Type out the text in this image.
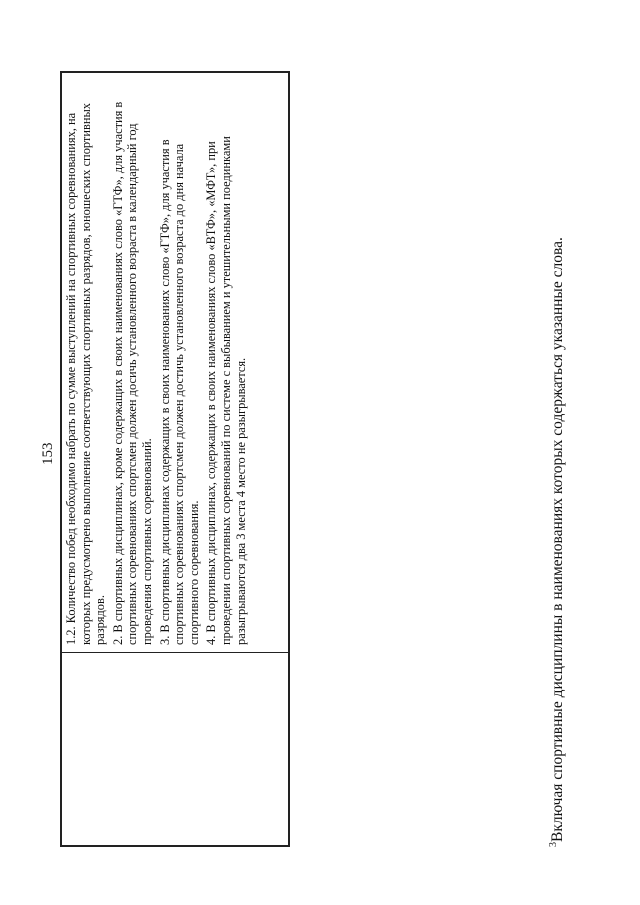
153 1.2. Количество побед необходимо набрать по сумме выступлений на спортивных соревнованиях, на которых предусмотрено выполнение соответствующих спортивных разрядов, юношеских спортивных разрядов. 2. В спортивных дисциплинах, кроме содержащих в своих наименованиях слово «ГТФ», для участия в спортивных соревнованиях спортсмен должен досичь установленного возраста в календарный год проведения спортивных соревнований. 3. В спортивных дисциплинах содержащих в своих наименованиях слово «ГТФ», для участия в спортивных соревнованиях спортсмен должен достичь установленного возраста до дня начала спортивного соревнования. 4. В спортивных дисциплинах, содержащих в своих наименованиях слово «ВТФ», «МФТ», при проведении спортивных соревнований по системе с выбыванием и утешительными поединками разыгрываются два 3 места 4 место не разыгрывается.

$^3$Включая спортивные дисциплины в наименованиях которых содержаться указанные слова.
